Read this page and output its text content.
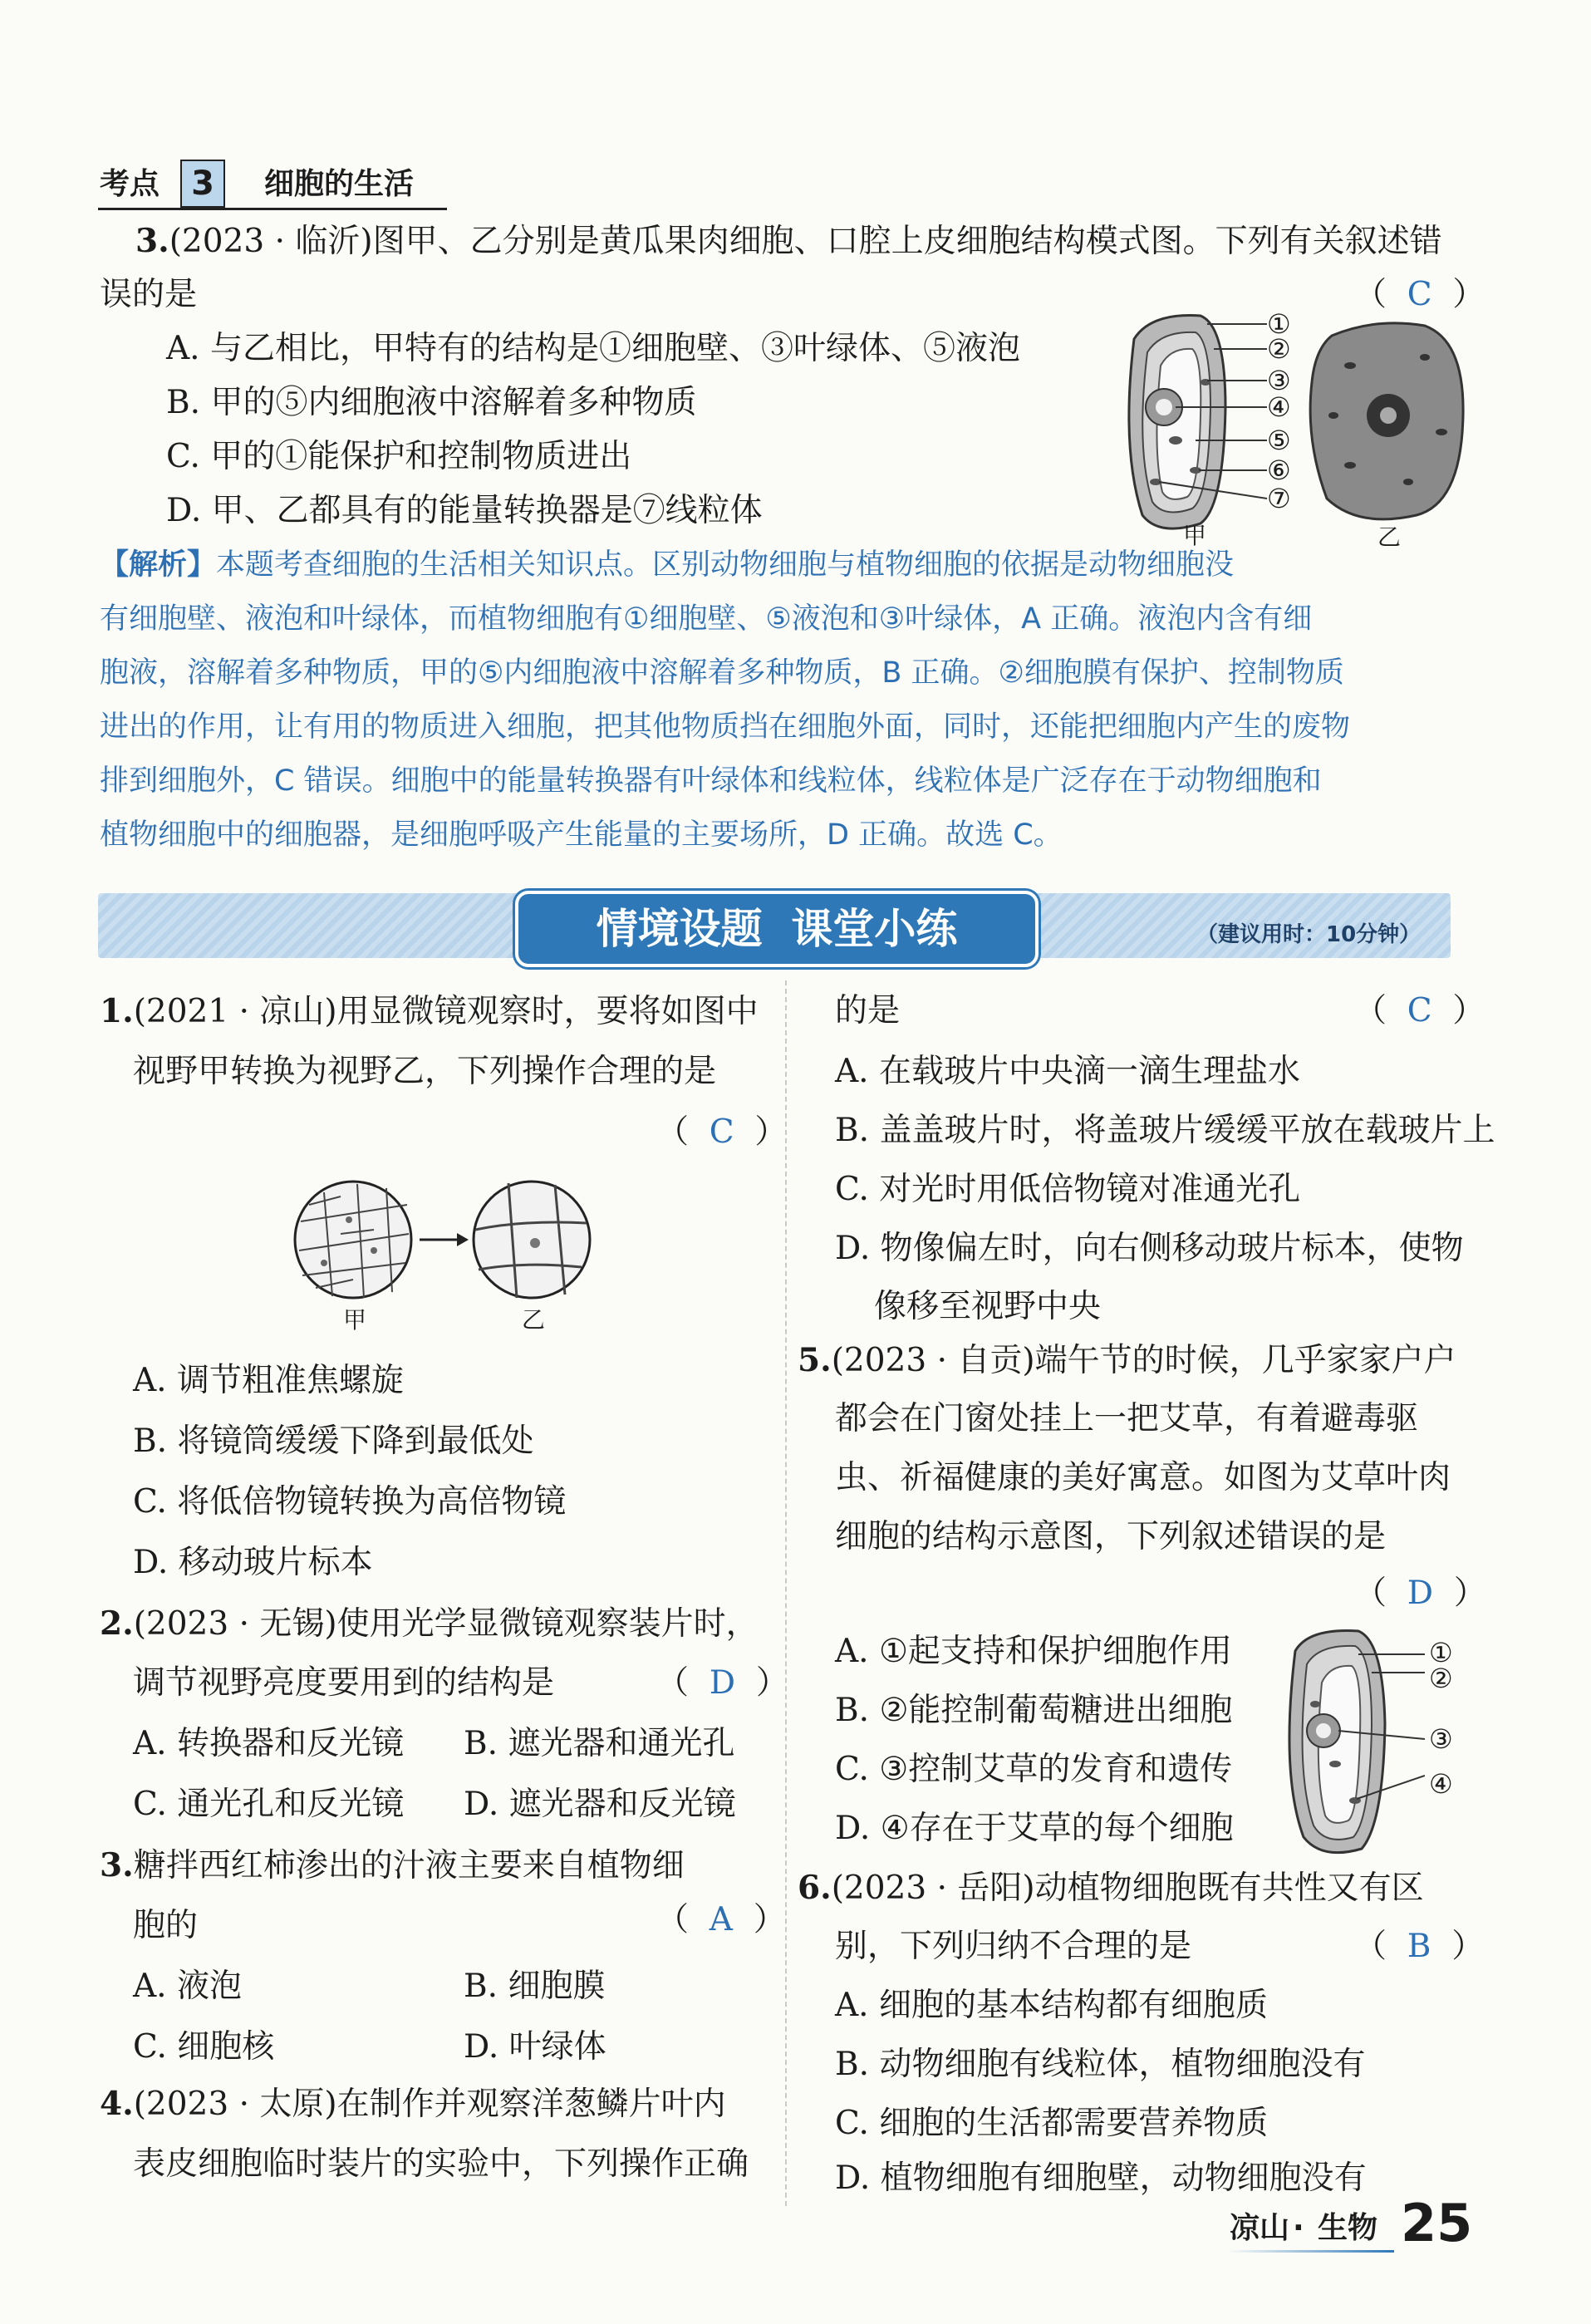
考点 3	细胞的生活
3.(2023 · 临沂)图甲、乙分别是黄瓜果肉细胞、口腔上皮细胞结构模式图。下列有关叙述错
误的是	（  C  ）
A. 与乙相比，甲特有的结构是①细胞壁、③叶绿体、⑤液泡
B. 甲的⑤内细胞液中溶解着多种物质
C. 甲的①能保护和控制物质进出
D. 甲、乙都具有的能量转换器是⑦线粒体
①
②
③
④
⑤
⑥
⑦
甲	乙
【解析】本题考查细胞的生活相关知识点。区别动物细胞与植物细胞的依据是动物细胞没
有细胞壁、液泡和叶绿体，而植物细胞有①细胞壁、⑤液泡和③叶绿体，A 正确。液泡内含有细
胞液，溶解着多种物质，甲的⑤内细胞液中溶解着多种物质，B 正确。②细胞膜有保护、控制物质
进出的作用，让有用的物质进入细胞，把其他物质挡在细胞外面，同时，还能把细胞内产生的废物
排到细胞外，C 错误。细胞中的能量转换器有叶绿体和线粒体，线粒体是广泛存在于动物细胞和
植物细胞中的细胞器，是细胞呼吸产生能量的主要场所，D 正确。故选 C。
情境设题  课堂小练	（建议用时：10分钟）
1.(2021 · 凉山)用显微镜观察时，要将如图中
视野甲转换为视野乙，下列操作合理的是
（  C  ）
甲	乙
A. 调节粗准焦螺旋
B. 将镜筒缓缓下降到最低处
C. 将低倍物镜转换为高倍物镜
D. 移动玻片标本
2.(2023 · 无锡)使用光学显微镜观察装片时，
调节视野亮度要用到的结构是	（  D  ）
A. 转换器和反光镜 B. 遮光器和通光孔
C. 通光孔和反光镜 D. 遮光器和反光镜
3.糖拌西红柿渗出的汁液主要来自植物细
胞的	（  A  ）
A. 液泡	B. 细胞膜
C. 细胞核	D. 叶绿体
4.(2023 · 太原)在制作并观察洋葱鳞片叶内
表皮细胞临时装片的实验中，下列操作正确
的是	（  C  ）
A. 在载玻片中央滴一滴生理盐水
B. 盖盖玻片时，将盖玻片缓缓平放在载玻片上
C. 对光时用低倍物镜对准通光孔
D. 物像偏左时，向右侧移动玻片标本，使物
像移至视野中央
5.(2023 · 自贡)端午节的时候，几乎家家户户
都会在门窗处挂上一把艾草，有着避毒驱
虫、祈福健康的美好寓意。如图为艾草叶肉
细胞的结构示意图，下列叙述错误的是
（  D  ）
A. ①起支持和保护细胞作用
B. ②能控制葡萄糖进出细胞
C. ③控制艾草的发育和遗传
D. ④存在于艾草的每个细胞
①
②
③
④
6.(2023 · 岳阳)动植物细胞既有共性又有区
别，下列归纳不合理的是	（  B  ）
A. 细胞的基本结构都有细胞质
B. 动物细胞有线粒体，植物细胞没有
C. 细胞的生活都需要营养物质
D. 植物细胞有细胞壁，动物细胞没有
凉山 · 生物 25
